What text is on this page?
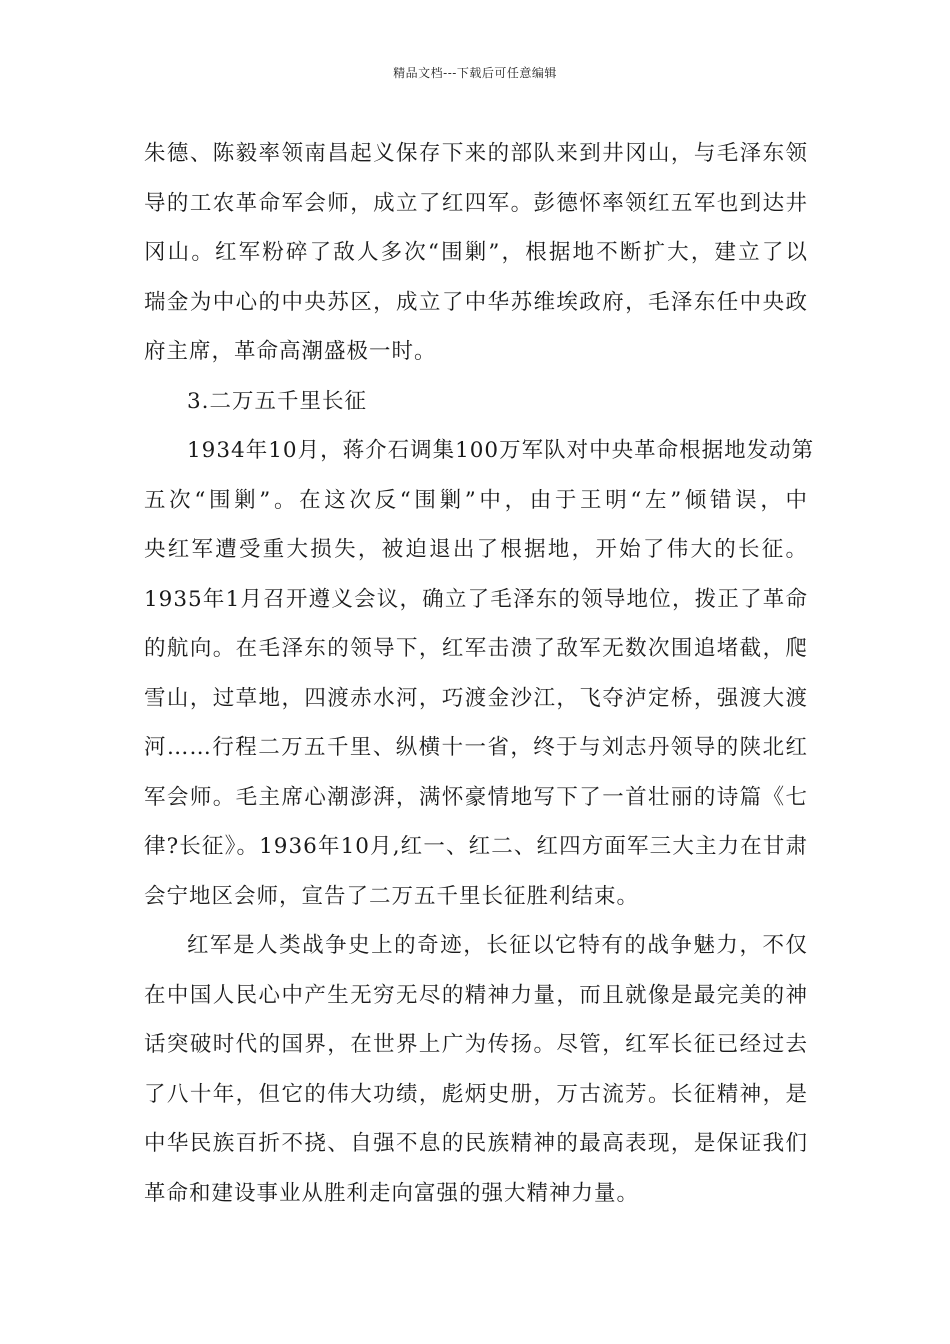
精品文档---下载后可任意编辑
朱德、陈毅率领南昌起义保存下来的部队来到井冈山，与毛泽东领
导的工农革命军会师，成立了红四军。彭德怀率领红五军也到达井
冈山。红军粉碎了敌人多次“围剿”，根据地不断扩大，建立了以
瑞金为中心的中央苏区，成立了中华苏维埃政府，毛泽东任中央政
府主席，革命高潮盛极一时。
3.二万五千里长征
1934年10月，蒋介石调集100万军队对中央革命根据地发动第
五次“围剿”。在这次反“围剿”中，由于王明“左”倾错误，中
央红军遭受重大损失，被迫退出了根据地，开始了伟大的长征。
1935年1月召开遵义会议，确立了毛泽东的领导地位，拨正了革命
的航向。在毛泽东的领导下，红军击溃了敌军无数次围追堵截，爬
雪山，过草地，四渡赤水河，巧渡金沙江，飞夺泸定桥，强渡大渡
河……行程二万五千里、纵横十一省，终于与刘志丹领导的陕北红
军会师。毛主席心潮澎湃，满怀豪情地写下了一首壮丽的诗篇《七
律?长征》。1936年10月,红一、红二、红四方面军三大主力在甘肃
会宁地区会师，宣告了二万五千里长征胜利结束。
红军是人类战争史上的奇迹，长征以它特有的战争魅力，不仅
在中国人民心中产生无穷无尽的精神力量，而且就像是最完美的神
话突破时代的国界，在世界上广为传扬。尽管，红军长征已经过去
了八十年，但它的伟大功绩，彪炳史册，万古流芳。长征精神，是
中华民族百折不挠、自强不息的民族精神的最高表现，是保证我们
革命和建设事业从胜利走向富强的强大精神力量。
